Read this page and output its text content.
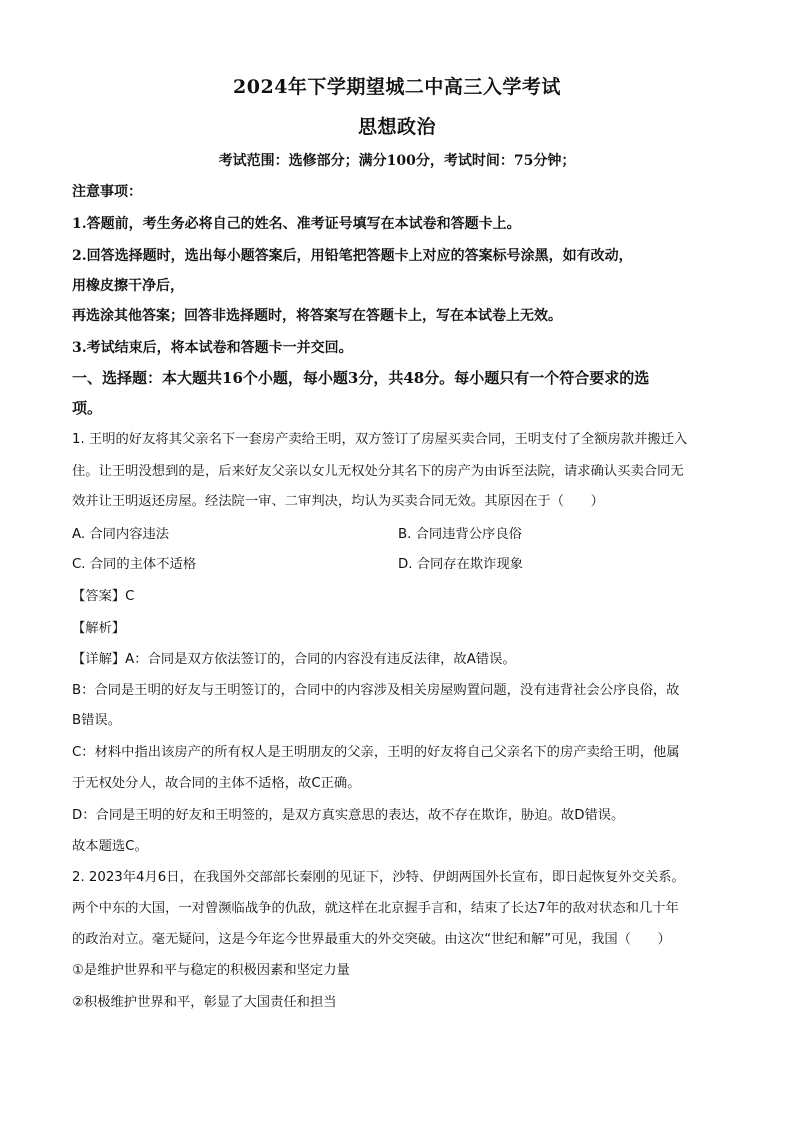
2024年下学期望城二中高三入学考试
思想政治
考试范围：选修部分；满分100分，考试时间：75分钟；
注意事项：
1.答题前，考生务必将自己的姓名、准考证号填写在本试卷和答题卡上。
2.回答选择题时，选出每小题答案后，用铅笔把答题卡上对应的答案标号涂黑，如有改动，
用橡皮擦干净后，
再选涂其他答案；回答非选择题时，将答案写在答题卡上，写在本试卷上无效。
3.考试结束后，将本试卷和答题卡一并交回。
一、选择题：本大题共16个小题，每小题3分，共48分。每小题只有一个符合要求的选
项。
1. 王明的好友将其父亲名下一套房产卖给王明，双方签订了房屋买卖合同，王明支付了全额房款并搬迁入
住。让王明没想到的是，后来好友父亲以女儿无权处分其名下的房产为由诉至法院，请求确认买卖合同无
效并让王明返还房屋。经法院一审、二审判决，均认为买卖合同无效。其原因在于（　　）
A. 合同内容违法	B. 合同违背公序良俗
C. 合同的主体不适格	D. 合同存在欺诈现象
【答案】C
【解析】
【详解】A：合同是双方依法签订的，合同的内容没有违反法律，故A错误。
B：合同是王明的好友与王明签订的，合同中的内容涉及相关房屋购置问题，没有违背社会公序良俗，故
B错误。
C：材料中指出该房产的所有权人是王明朋友的父亲，王明的好友将自己父亲名下的房产卖给王明，他属
于无权处分人，故合同的主体不适格，故C正确。
D：合同是王明的好友和王明签的，是双方真实意思的表达，故不存在欺诈，胁迫。故D错误。
故本题选C。
2. 2023年4月6日，在我国外交部部长秦刚的见证下，沙特、伊朗两国外长宣布，即日起恢复外交关系。
两个中东的大国，一对曾濒临战争的仇敌，就这样在北京握手言和，结束了长达7年的敌对状态和几十年
的政治对立。毫无疑问，这是今年迄今世界最重大的外交突破。由这次“世纪和解”可见，我国（　　）
①是维护世界和平与稳定的积极因素和坚定力量
②积极维护世界和平，彰显了大国责任和担当
